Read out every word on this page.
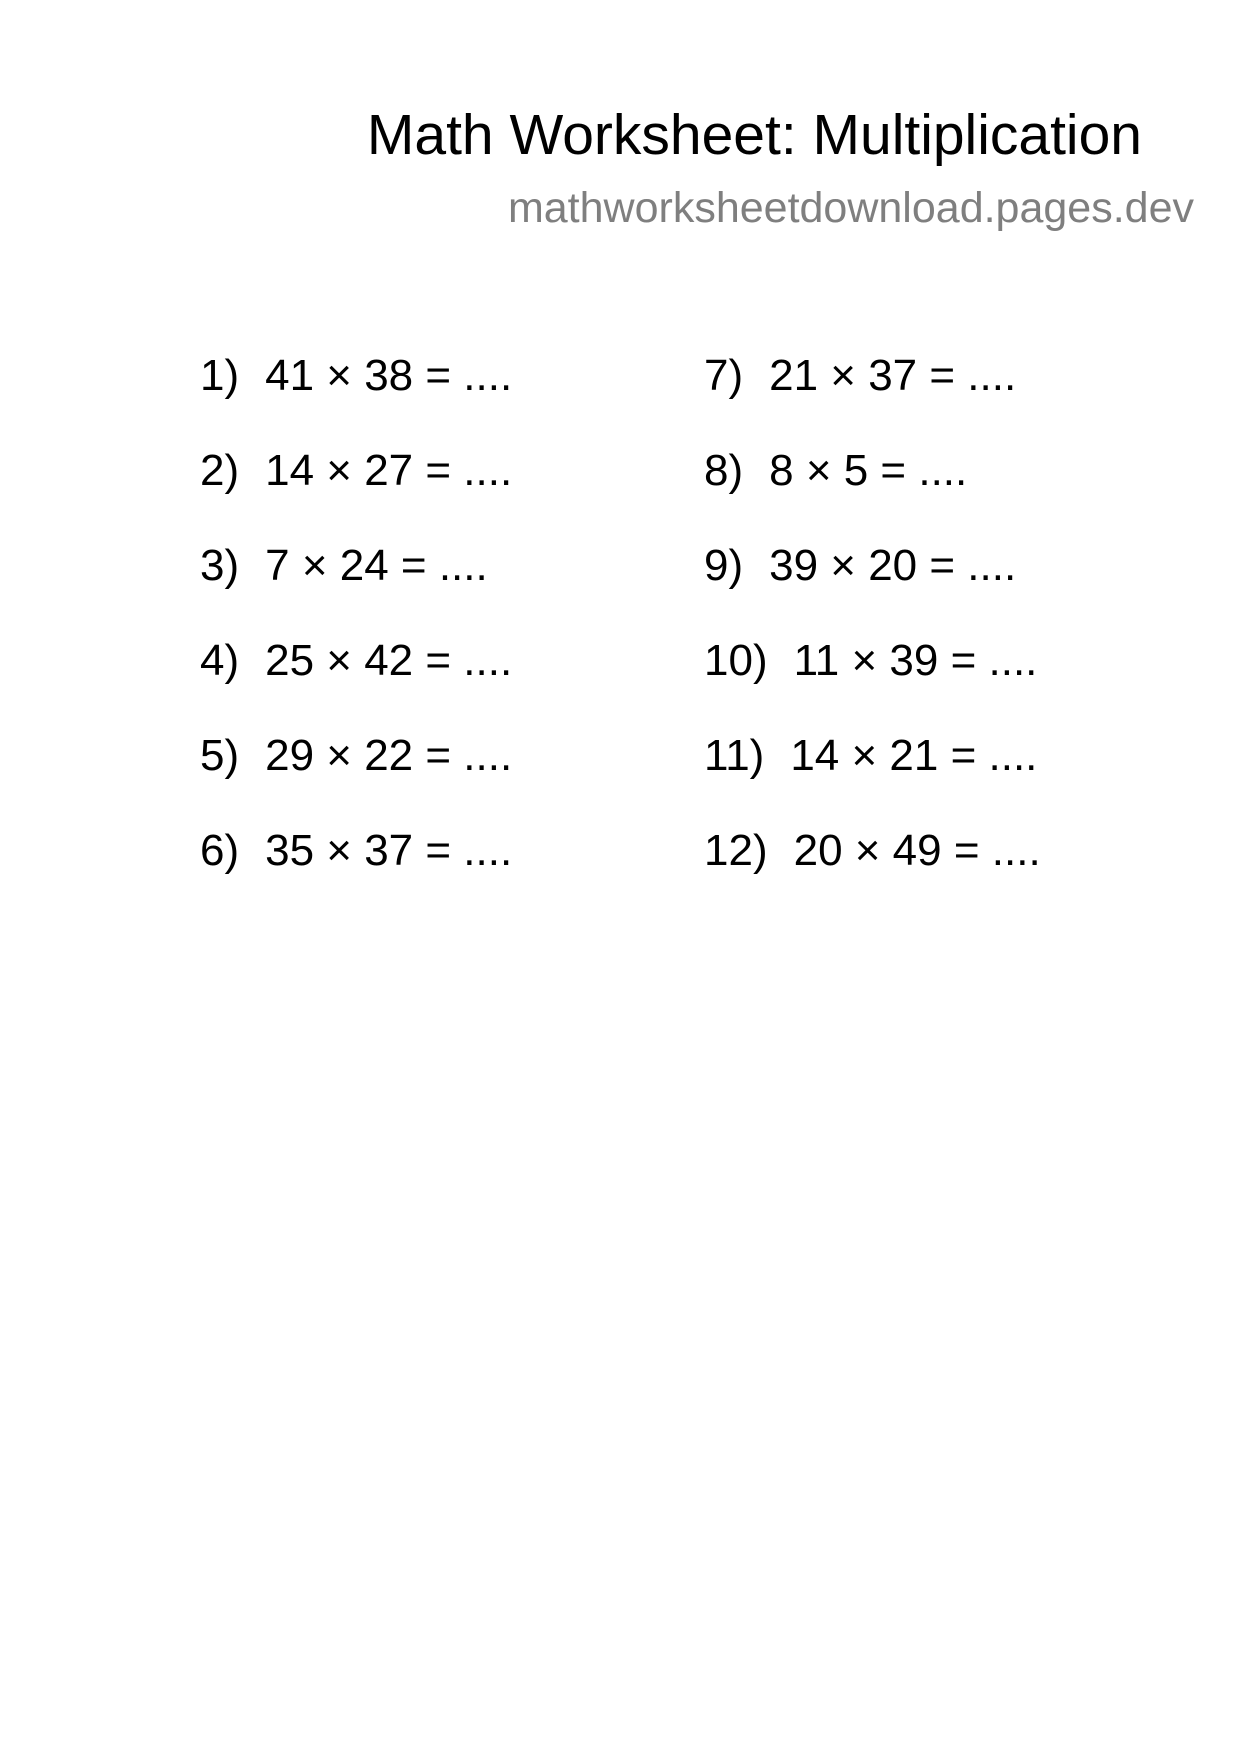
Math Worksheet: Multiplication
mathworksheetdownload.pages.dev
1) 41 × 38 = ....
2) 14 × 27 = ....
3) 7 × 24 = ....
4) 25 × 42 = ....
5) 29 × 22 = ....
6) 35 × 37 = ....
7) 21 × 37 = ....
8) 8 × 5 = ....
9) 39 × 20 = ....
10) 11 × 39 = ....
11) 14 × 21 = ....
12) 20 × 49 = ....
